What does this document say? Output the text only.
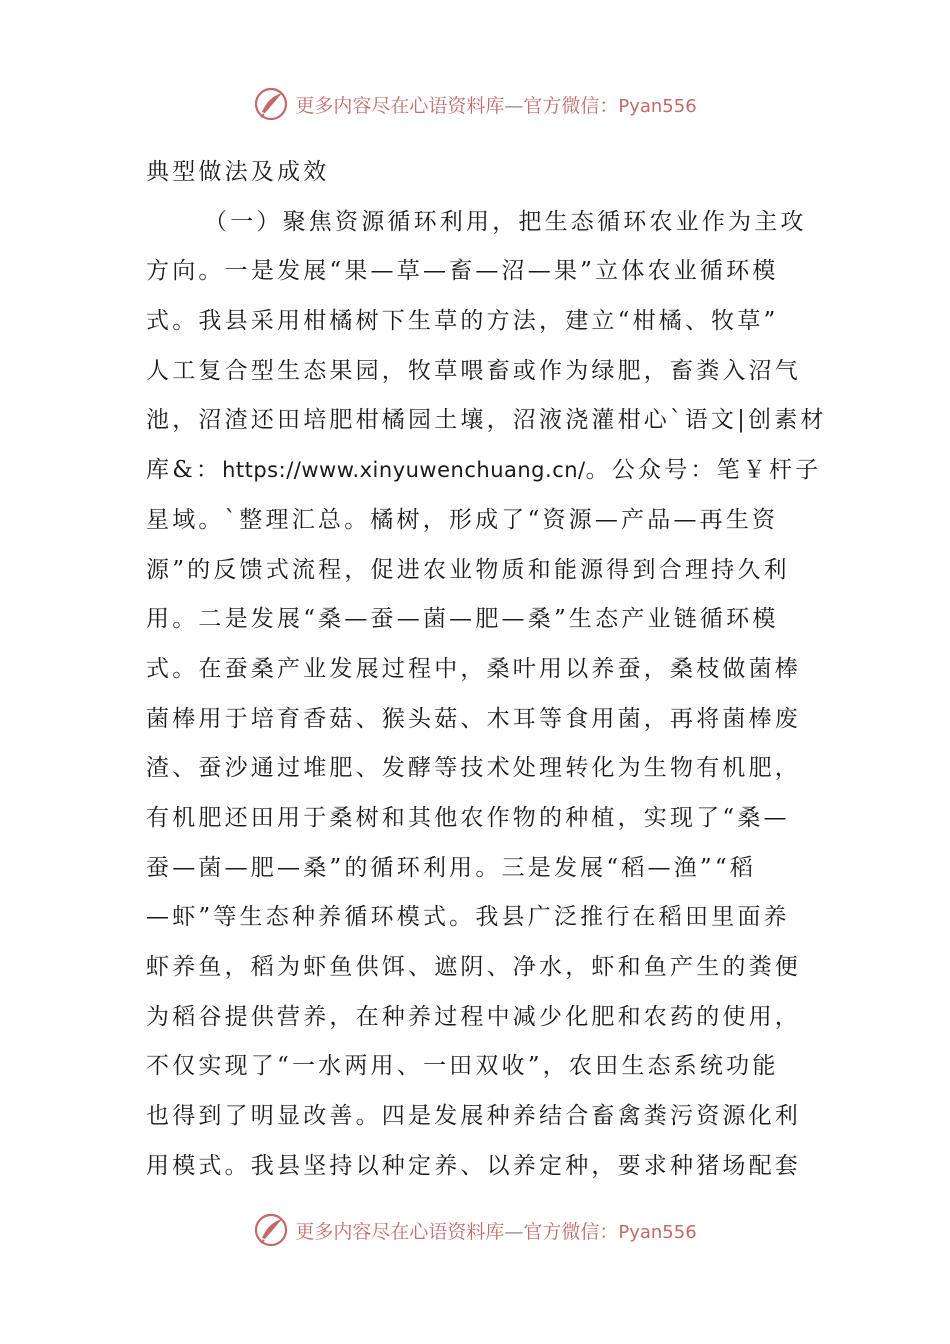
更多内容尽在心语资料库—官方微信：Pyan556
典型做法及成效
（一）聚焦资源循环利用，把生态循环农业作为主攻
方向。一是发展“果—草—畜—沼—果”立体农业循环模
式。我县采用柑橘树下生草的方法，建立“柑橘、牧草”
人工复合型生态果园，牧草喂畜或作为绿肥，畜粪入沼气
池，沼渣还田培肥柑橘园土壤，沼液浇灌柑心`语文|创素材
库&：https://www.xinyuwenchuang.cn/。公众号：笔￥杆子
星域。`整理汇总。橘树，形成了“资源—产品—再生资
源”的反馈式流程，促进农业物质和能源得到合理持久利
用。二是发展“桑—蚕—菌—肥—桑”生态产业链循环模
式。在蚕桑产业发展过程中，桑叶用以养蚕，桑枝做菌棒
菌棒用于培育香菇、猴头菇、木耳等食用菌，再将菌棒废
渣、蚕沙通过堆肥、发酵等技术处理转化为生物有机肥，
有机肥还田用于桑树和其他农作物的种植，实现了“桑—
蚕—菌—肥—桑”的循环利用。三是发展“稻—渔”“稻
—虾”等生态种养循环模式。我县广泛推行在稻田里面养
虾养鱼，稻为虾鱼供饵、遮阴、净水，虾和鱼产生的粪便
为稻谷提供营养，在种养过程中减少化肥和农药的使用，
不仅实现了“一水两用、一田双收”，农田生态系统功能
也得到了明显改善。四是发展种养结合畜禽粪污资源化利
用模式。我县坚持以种定养、以养定种，要求种猪场配套
更多内容尽在心语资料库—官方微信：Pyan556
